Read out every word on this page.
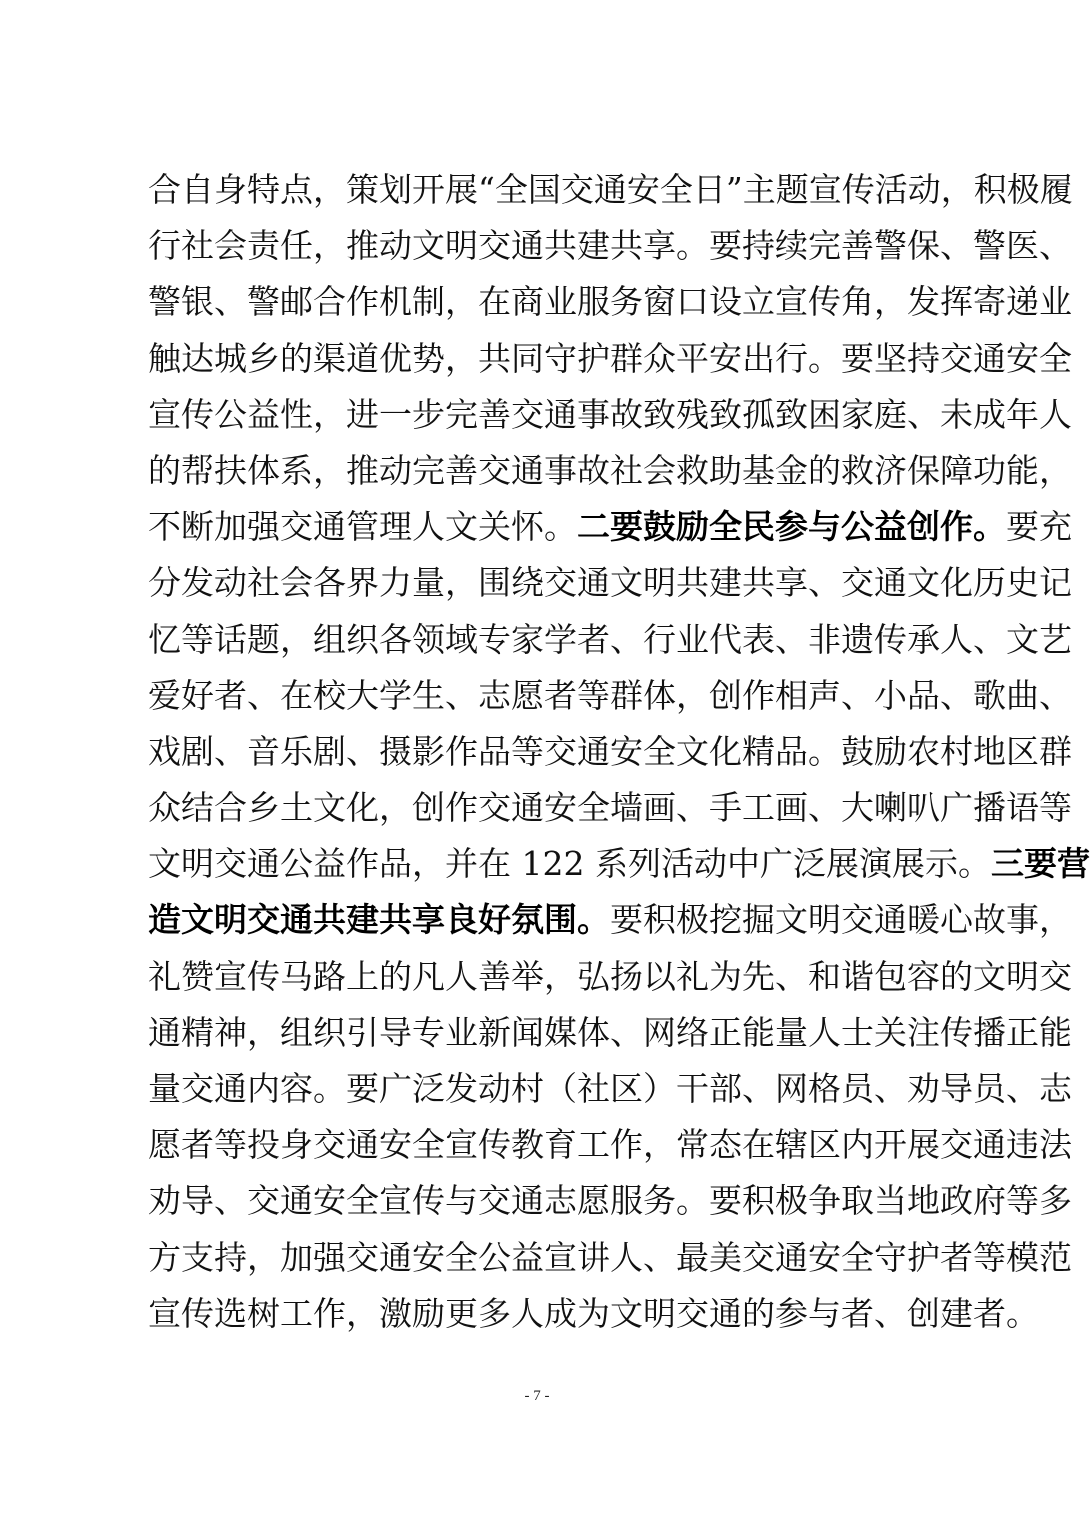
合自身特点，策划开展“全国交通安全日”主题宣传活动，积极履
行社会责任，推动文明交通共建共享。要持续完善警保、警医、
警银、警邮合作机制，在商业服务窗口设立宣传角，发挥寄递业
触达城乡的渠道优势，共同守护群众平安出行。要坚持交通安全
宣传公益性，进一步完善交通事故致残致孤致困家庭、未成年人
的帮扶体系，推动完善交通事故社会救助基金的救济保障功能，
不断加强交通管理人文关怀。二要鼓励全民参与公益创作。要充
分发动社会各界力量，围绕交通文明共建共享、交通文化历史记
忆等话题，组织各领域专家学者、行业代表、非遗传承人、文艺
爱好者、在校大学生、志愿者等群体，创作相声、小品、歌曲、
戏剧、音乐剧、摄影作品等交通安全文化精品。鼓励农村地区群
众结合乡土文化，创作交通安全墙画、手工画、大喇叭广播语等
文明交通公益作品，并在 122 系列活动中广泛展演展示。三要营
造文明交通共建共享良好氛围。要积极挖掘文明交通暖心故事，
礼赞宣传马路上的凡人善举，弘扬以礼为先、和谐包容的文明交
通精神，组织引导专业新闻媒体、网络正能量人士关注传播正能
量交通内容。要广泛发动村（社区）干部、网格员、劝导员、志
愿者等投身交通安全宣传教育工作，常态在辖区内开展交通违法
劝导、交通安全宣传与交通志愿服务。要积极争取当地政府等多
方支持，加强交通安全公益宣讲人、最美交通安全守护者等模范
宣传选树工作，激励更多人成为文明交通的参与者、创建者。
- 7 -
